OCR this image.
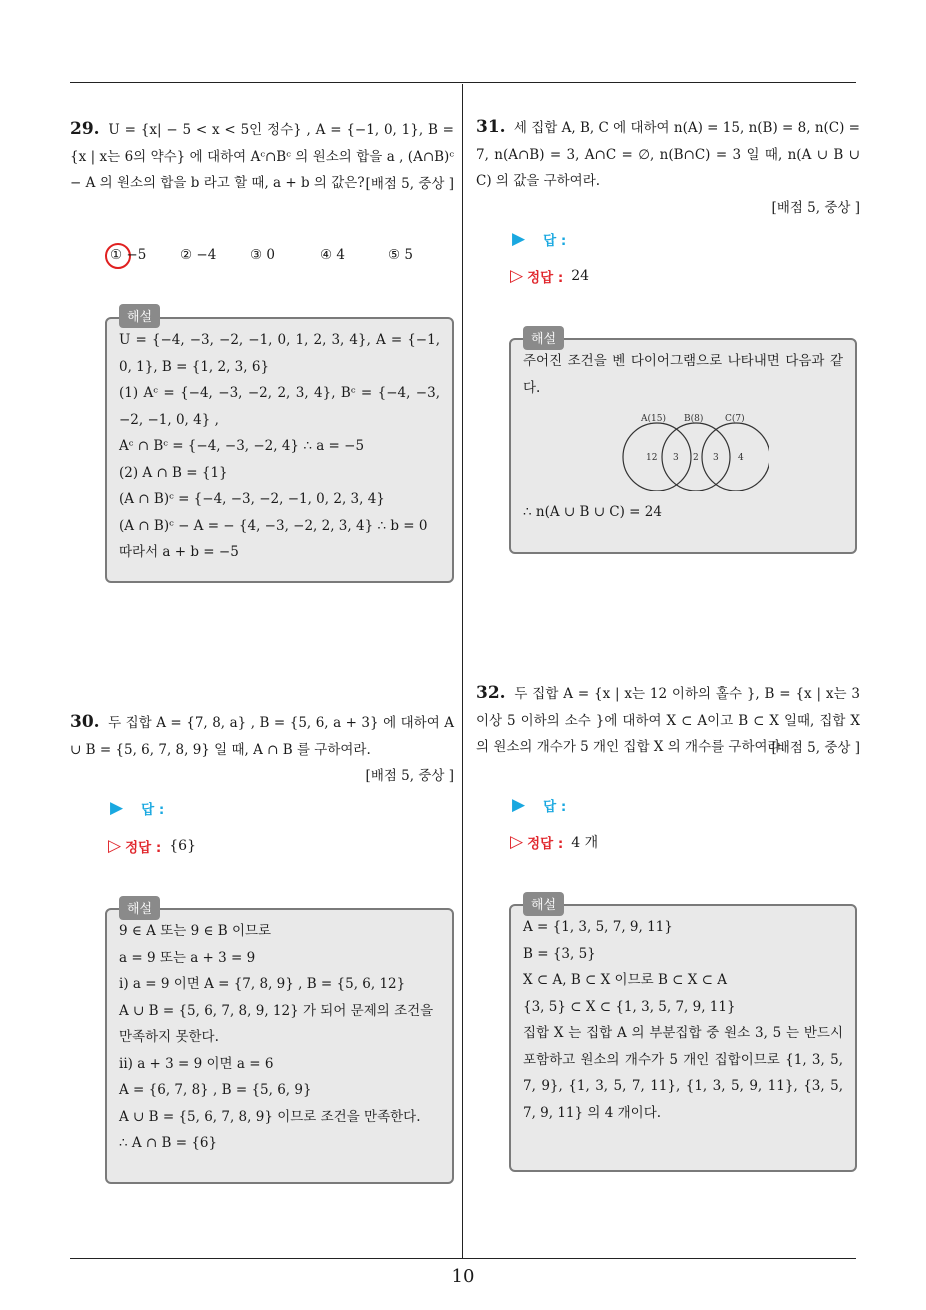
29. U = {x| − 5 < x < 5인 정수} , A = {−1, 0, 1}, B = {x | x는 6의 약수} 에 대하여 Aᶜ∩Bᶜ 의 원소의 합을 a , (A∩B)ᶜ − A 의 원소의 합을 b 라고 할 때, a + b 의 값은? [배점 5, 중상 ]
① −5	② −4	③ 0	④ 4	⑤ 5
U = {−4, −3, −2, −1, 0, 1, 2, 3, 4}, A = {−1, 0, 1}, B = {1, 2, 3, 6}
(1) Aᶜ = {−4, −3, −2, 2, 3, 4}, Bᶜ = {−4, −3, −2, −1, 0, 4} ,
Aᶜ ∩ Bᶜ = {−4, −3, −2, 4} ∴ a = −5
(2) A ∩ B = {1}
(A ∩ B)ᶜ = {−4, −3, −2, −1, 0, 2, 3, 4}
(A ∩ B)ᶜ − A = − {4, −3, −2, 2, 3, 4} ∴ b = 0
따라서 a + b = −5
해설
30. 두 집합 A = {7, 8, a} , B = {5, 6, a + 3} 에 대하여 A ∪ B = {5, 6, 7, 8, 9} 일 때, A ∩ B 를 구하여라.
[배점 5, 중상 ]
▶ 답 :
▷ 정답 : {6}
9 ∈ A 또는 9 ∈ B 이므로
a = 9 또는 a + 3 = 9
i) a = 9 이면 A = {7, 8, 9} , B = {5, 6, 12}
A ∪ B = {5, 6, 7, 8, 9, 12} 가 되어 문제의 조건을
만족하지 못한다.
ii) a + 3 = 9 이면 a = 6
A = {6, 7, 8} , B = {5, 6, 9}
A ∪ B = {5, 6, 7, 8, 9} 이므로 조건을 만족한다.
∴ A ∩ B = {6}
해설
31. 세 집합 A, B, C 에 대하여 n(A) = 15, n(B) = 8, n(C) = 7, n(A∩B) = 3, A∩C = ∅, n(B∩C) = 3 일 때, n(A ∪ B ∪ C) 의 값을 구하여라.
[배점 5, 중상 ]
▶ 답 :
▷ 정답 : 24
주어진 조건을 벤 다이어그램으로 나타내면 다음과 같다.
A(15) B(8) C(7)
12 3 2 3 4
∴ n(A ∪ B ∪ C) = 24
해설
32. 두 집합 A = {x | x는 12 이하의 홀수 }, B = {x | x는 3 이상 5 이하의 소수 }에 대하여 X ⊂ A이고 B ⊂ X 일때, 집합 X 의 원소의 개수가 5 개인 집합 X 의 개수를 구하여라.
[배점 5, 중상 ]
▶ 답 :
▷ 정답 : 4 개
A = {1, 3, 5, 7, 9, 11}
B = {3, 5}
X ⊂ A, B ⊂ X 이므로 B ⊂ X ⊂ A
{3, 5} ⊂ X ⊂ {1, 3, 5, 7, 9, 11}
집합 X 는 집합 A 의 부분집합 중 원소 3, 5 는 반드시 포함하고 원소의 개수가 5 개인 집합이므로 {1, 3, 5, 7, 9}, {1, 3, 5, 7, 11}, {1, 3, 5, 9, 11}, {3, 5, 7, 9, 11} 의 4 개이다.
해설
10
